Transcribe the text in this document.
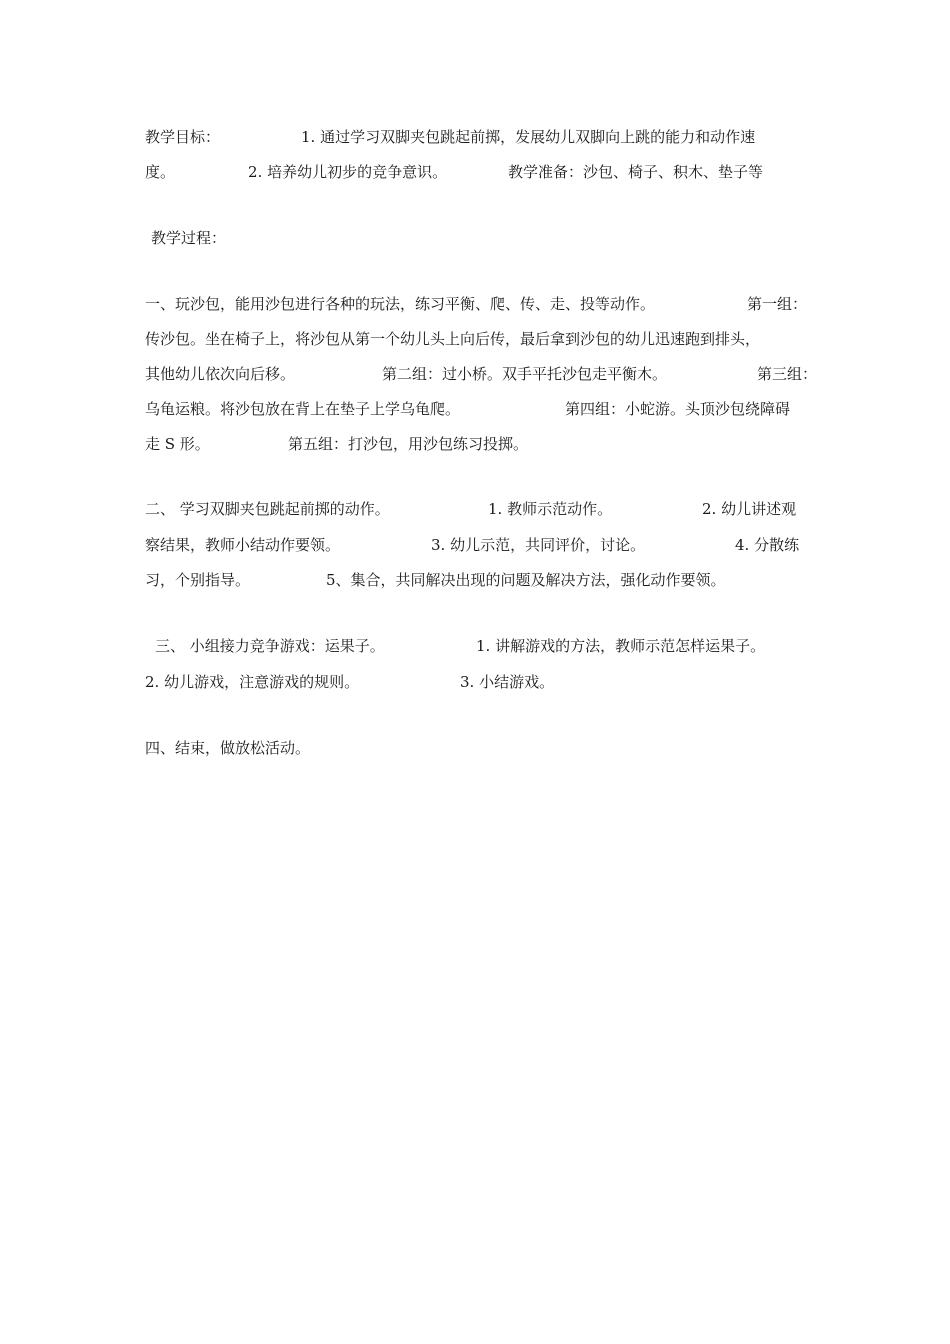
教学目标：

	1. 通过学习双脚夹包跳起前掷，发展幼儿双脚向上跳的能力和动作速

度。

	2. 培养幼儿初步的竞争意识。

	教学准备：沙包、椅子、积木、垫子等

教学过程：

一、玩沙包，能用沙包进行各种的玩法，练习平衡、爬、传、走、投等动作。

	第一组：

传沙包。坐在椅子上，将沙包从第一个幼儿头上向后传，最后拿到沙包的幼儿迅速跑到排头，

其他幼儿依次向后移。

	第二组：过小桥。双手平托沙包走平衡木。

	第三组：

乌龟运粮。将沙包放在背上在垫子上学乌龟爬。

	第四组：小蛇游。头顶沙包绕障碍

走 S 形。

	第五组：打沙包，用沙包练习投掷。

二、 学习双脚夹包跳起前掷的动作。

	1. 教师示范动作。

	2. 幼儿讲述观

察结果，教师小结动作要领。

	3. 幼儿示范，共同评价，讨论。

	4. 分散练

习，个别指导。

	5、集合，共同解决出现的问题及解决方法，强化动作要领。

三、 小组接力竞争游戏：运果子。

	1. 讲解游戏的方法，教师示范怎样运果子。

2. 幼儿游戏，注意游戏的规则。

	3. 小结游戏。

四、结束，做放松活动。
